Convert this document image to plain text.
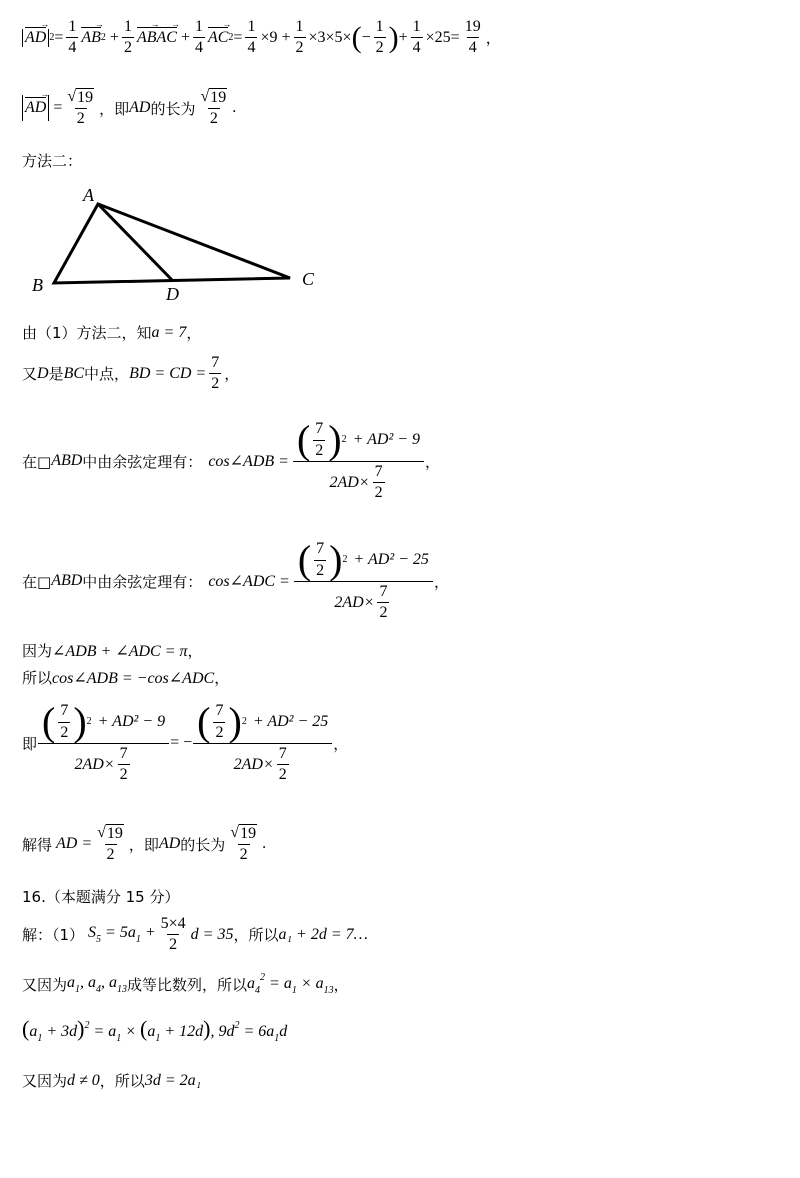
AD → $2 = \frac{1}{4}$ AB → $2 + \frac{1}{2}$ AB → AC → + $\frac{1}{4}$ AC → $2 = \frac{1}{4} \times 9 + \frac{1}{2} \times 3\times 5\times$ ( − $\frac{1}{2}$ ) + $\frac{1}{4} \times 25 = \frac{19}{4}$ ，
AD → = $\frac{√ 19}{2}$ ，即 AD 的长为 $\frac{√ 19}{2}$ .
方法二：
A
B	C
D
由（1）方法二，知 a = 7 ，
又 D 是 BC 中点， BD = CD = $\frac{7}{2}$ ，
在□ ABD 中由余弦定理有： cos∠ADB = $\frac{( \frac{7}{2} ) 2 + AD^2 - 9}{2AD\times \frac{7}{2}}$ ，
在□ ABD 中由余弦定理有： cos∠ADC = $\frac{( \frac{7}{2} ) 2 + AD^2 - 25}{2AD\times \frac{7}{2}}$ ，
因为 ∠ADB + ∠ADC = π ，
所以 cos∠ADB = −cos∠ADC ，
即 $\frac{( \frac{7}{2} ) 2 + AD^2 - 9}{2AD\times \frac{7}{2}}$ = − $\frac{( \frac{7}{2} ) 2 + AD^2 - 25}{2AD\times \frac{7}{2}}$ ，
解得 AD = $\frac{√ 19}{2}$ ，即 AD 的长为 $\frac{√ 19}{2}$ .
16.（本题满分 15 分）
解：（1） $S_5 = 5a_1 + \frac{5\times 4}{2}$ d = 35 ，所以 a₁ + 2d = 7…
又因为 $a_1$, $a_4$, $a_{13}$ 成等比数列，所以 $a_4^2 = a_1 \times a_{13}$ ，
$(a_1 + 3d)^2 = a_1 \times (a_1 + 12d)$, $9d^2 = 6a_1d$
又因为 d ≠ 0 ，所以 3d = 2a₁
